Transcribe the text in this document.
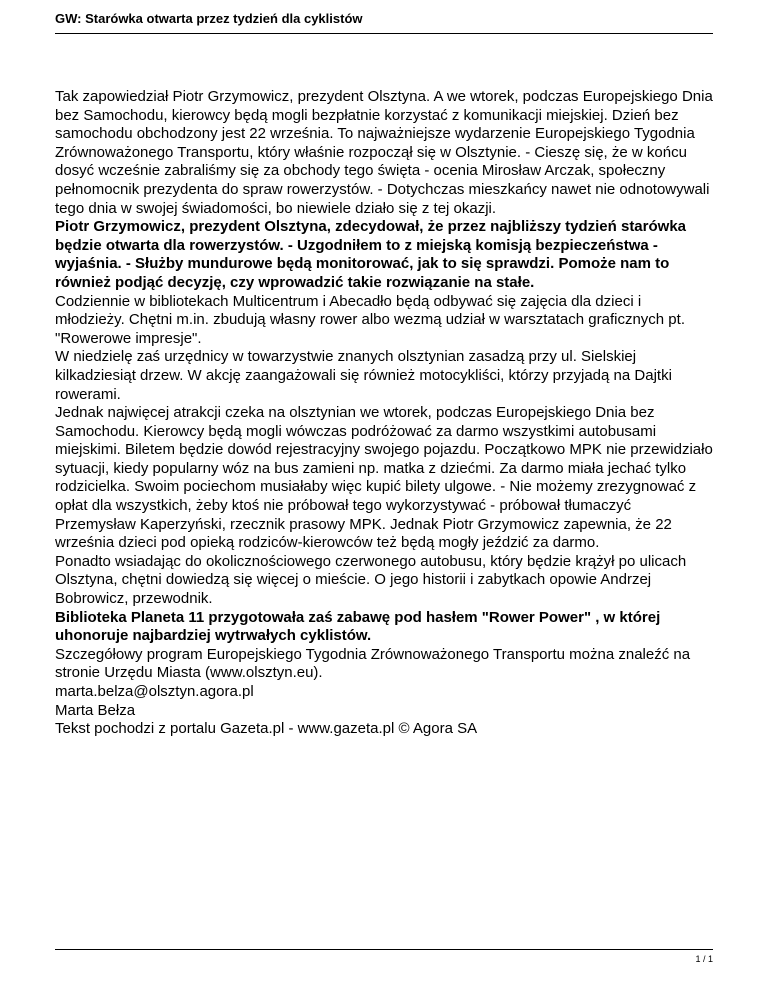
GW: Starówka otwarta przez tydzień dla cyklistów

Tak zapowiedział Piotr Grzymowicz, prezydent Olsztyna. A we wtorek, podczas Europejskiego Dnia bez Samochodu, kierowcy będą mogli bezpłatnie korzystać z komunikacji miejskiej. Dzień bez samochodu obchodzony jest 22 września. To najważniejsze wydarzenie Europejskiego Tygodnia Zrównoważonego Transportu, który właśnie rozpoczął się w Olsztynie. - Cieszę się, że w końcu dosyć wcześnie zabraliśmy się za obchody tego święta - ocenia Mirosław Arczak, społeczny pełnomocnik prezydenta do spraw rowerzystów. - Dotychczas mieszkańcy nawet nie odnotowywali tego dnia w swojej świadomości, bo niewiele działo się z tej okazji.

Piotr Grzymowicz, prezydent Olsztyna, zdecydował, że przez najbliższy tydzień starówka będzie otwarta dla rowerzystów. - Uzgodniłem to z miejską komisją bezpieczeństwa - wyjaśnia. - Służby mundurowe będą monitorować, jak to się sprawdzi. Pomoże nam to również podjąć decyzję, czy wprowadzić takie rozwiązanie na stałe.

Codziennie w bibliotekach Multicentrum i Abecadło będą odbywać się zajęcia dla dzieci i młodzieży. Chętni m.in. zbudują własny rower albo wezmą udział w warsztatach graficznych pt. "Rowerowe impresje".

W niedzielę zaś urzędnicy w towarzystwie znanych olsztynian zasadzą przy ul. Sielskiej kilkadziesiąt drzew. W akcję zaangażowali się również motocykliści, którzy przyjadą na Dajtki rowerami.

Jednak najwięcej atrakcji czeka na olsztynian we wtorek, podczas Europejskiego Dnia bez Samochodu. Kierowcy będą mogli wówczas podróżować za darmo wszystkimi autobusami miejskimi. Biletem będzie dowód rejestracyjny swojego pojazdu. Początkowo MPK nie przewidziało sytuacji, kiedy popularny wóz na bus zamieni np. matka z dziećmi. Za darmo miała jechać tylko rodzicielka. Swoim pociechom musiałaby więc kupić bilety ulgowe. - Nie możemy zrezygnować z opłat dla wszystkich, żeby ktoś nie próbował tego wykorzystywać - próbował tłumaczyć Przemysław Kaperzyński, rzecznik prasowy MPK. Jednak Piotr Grzymowicz zapewnia, że 22 września dzieci pod opieką rodziców-kierowców też będą mogły jeździć za darmo.

Ponadto wsiadając do okolicznościowego czerwonego autobusu, który będzie krążył po ulicach Olsztyna, chętni dowiedzą się więcej o mieście. O jego historii i zabytkach opowie Andrzej Bobrowicz, przewodnik.

Biblioteka Planeta 11 przygotowała zaś zabawę pod hasłem "Rower Power" , w której uhonoruje najbardziej wytrwałych cyklistów.

Szczegółowy program Europejskiego Tygodnia Zrównoważonego Transportu można znaleźć na stronie Urzędu Miasta (www.olsztyn.eu).

marta.belza@olsztyn.agora.pl

Marta Bełza

Tekst pochodzi z portalu Gazeta.pl - www.gazeta.pl © Agora SA

1 / 1
